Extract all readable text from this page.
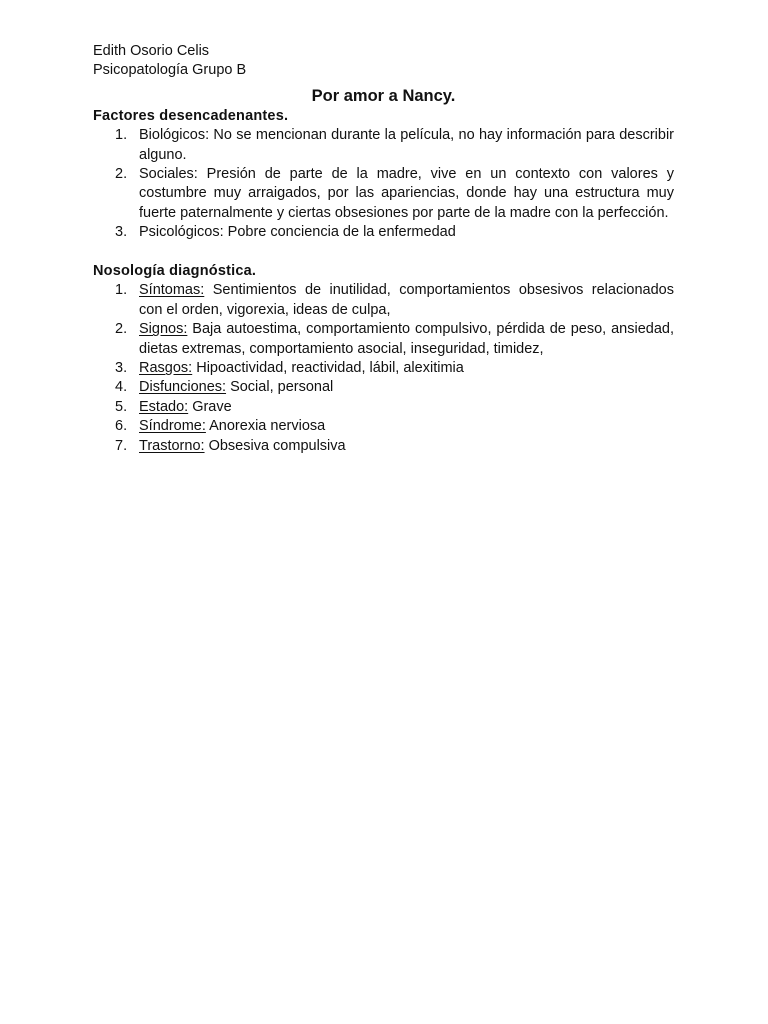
Edith Osorio Celis

Psicopatología Grupo B

Por amor a Nancy.

Factores desencadenantes.

1. Biológicos: No se mencionan durante la película, no hay información para describir alguno.
2. Sociales: Presión de parte de la madre, vive en un contexto con valores y costumbre muy arraigados, por las apariencias, donde hay una estructura muy fuerte paternalmente y ciertas obsesiones por parte de la madre con la perfección.
3. Psicológicos: Pobre conciencia de la enfermedad

Nosología diagnóstica.

1. Síntomas: Sentimientos de inutilidad, comportamientos obsesivos relacionados con el orden, vigorexia, ideas de culpa,
2. Signos: Baja autoestima, comportamiento compulsivo, pérdida de peso, ansiedad, dietas extremas, comportamiento asocial, inseguridad, timidez,
3. Rasgos: Hipoactividad, reactividad, lábil, alexitimia
4. Disfunciones: Social, personal
5. Estado: Grave
6. Síndrome: Anorexia nerviosa
7. Trastorno: Obsesiva compulsiva
